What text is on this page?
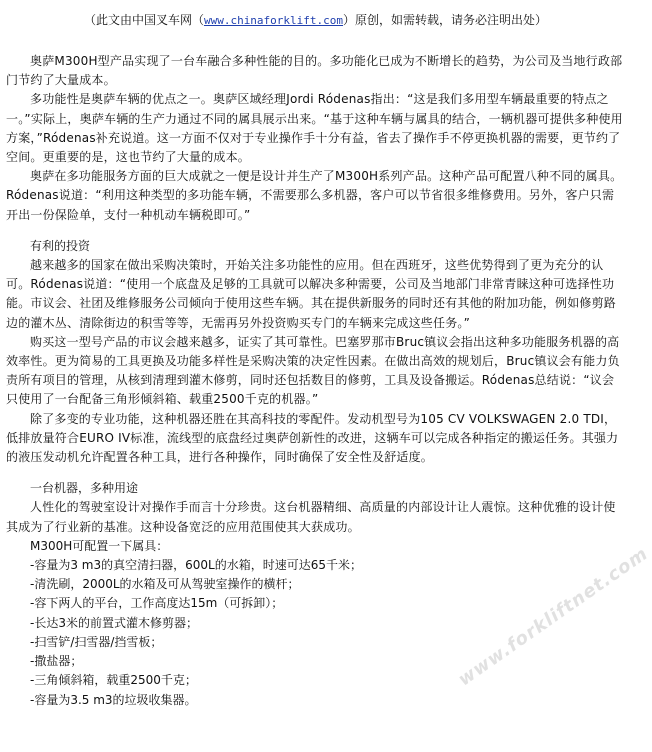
（此文由中国叉车网（www.chinaforklift.com）原创，如需转载，请务必注明出处）

奥萨M300H型产品实现了一台车融合多种性能的目的。多功能化已成为不断增长的趋势，为公司及当地行政部门节约了大量成本。

多功能性是奥萨车辆的优点之一。奥萨区域经理Jordi Ródenas指出：“这是我们多用型车辆最重要的特点之一。”实际上，奥萨车辆的生产力通过不同的属具展示出来。“基于这种车辆与属具的结合，一辆机器可提供多种使用方案，”Ródenas补充说道。这一方面不仅对于专业操作手十分有益，省去了操作手不停更换机器的需要，更节约了空间。更重要的是，这也节约了大量的成本。

奥萨在多功能服务方面的巨大成就之一便是设计并生产了M300H系列产品。这种产品可配置八种不同的属具。Ródenas说道：“利用这种类型的多功能车辆，不需要那么多机器，客户可以节省很多维修费用。另外，客户只需开出一份保险单，支付一种机动车辆税即可。”

有利的投资

越来越多的国家在做出采购决策时，开始关注多功能性的应用。但在西班牙，这些优势得到了更为充分的认可。Ródenas说道：“使用一个底盘及足够的工具就可以解决多种需要，公司及当地部门非常青睐这种可选择性功能。市议会、社团及维修服务公司倾向于使用这些车辆。其在提供新服务的同时还有其他的附加功能，例如修剪路边的灌木丛、清除街边的积雪等等，无需再另外投资购买专门的车辆来完成这些任务。”

购买这一型号产品的市议会越来越多，证实了其可靠性。巴塞罗那市Bruc镇议会指出这种多功能服务机器的高效率性。更为简易的工具更换及功能多样性是采购决策的决定性因素。在做出高效的规划后，Bruc镇议会有能力负责所有项目的管理，从核到清理到灌木修剪，同时还包括数目的修剪，工具及设备搬运。Ródenas总结说：“议会只使用了一台配备三角形倾斜箱、载重2500千克的机器。”

除了多变的专业功能，这种机器还胜在其高科技的零配件。发动机型号为105 CV VOLKSWAGEN 2.0 TDI，低排放量符合EURO IV标准，流线型的底盘经过奥萨创新性的改进，这辆车可以完成各种指定的搬运任务。其强力的液压发动机允许配置各种工具，进行各种操作，同时确保了安全性及舒适度。

一台机器，多种用途

人性化的驾驶室设计对操作手而言十分珍贵。这台机器精细、高质量的内部设计让人震惊。这种优雅的设计使其成为了行业新的基准。这种设备宽泛的应用范围使其大获成功。

M300H可配置一下属具：

-容量为3 m3的真空清扫器，600L的水箱，时速可达65千米；
-清洗刷，2000L的水箱及可从驾驶室操作的横杆；
-容下两人的平台，工作高度达15m（可拆卸）；
-长达3米的前置式灌木修剪器；
-扫雪铲/扫雪器/挡雪板；
-撒盐器；
-三角倾斜箱，载重2500千克；
-容量为3.5 m3的垃圾收集器。
www.forkliftnet.com
